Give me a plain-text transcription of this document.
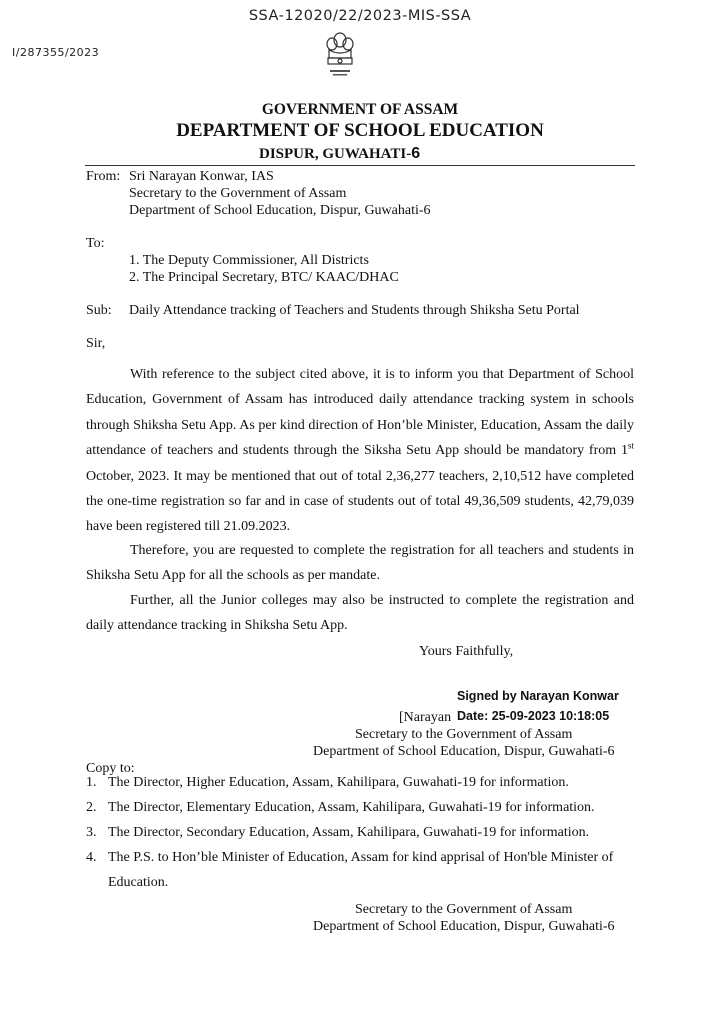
SSA-12020/22/2023-MIS-SSA
I/287355/2023
GOVERNMENT OF ASSAM
DEPARTMENT OF SCHOOL EDUCATION
DISPUR, GUWAHATI-6
From: Sri Narayan Konwar, IAS
Secretary to the Government of Assam
Department of School Education, Dispur, Guwahati-6
To:
1. The Deputy Commissioner, All Districts
2. The Principal Secretary, BTC/ KAAC/DHAC
Sub: Daily Attendance tracking of Teachers and Students through Shiksha Setu Portal
Sir,
With reference to the subject cited above, it is to inform you that Department of School Education, Government of Assam has introduced daily attendance tracking system in schools through Shiksha Setu App. As per kind direction of Hon’ble Minister, Education, Assam the daily attendance of teachers and students through the Siksha Setu App should be mandatory from 1st October, 2023. It may be mentioned that out of total 2,36,277 teachers, 2,10,512 have completed the one-time registration so far and in case of students out of total 49,36,509 students, 42,79,039 have been registered till 21.09.2023.
Therefore, you are requested to complete the registration for all teachers and students in Shiksha Setu App for all the schools as per mandate.
Further, all the Junior colleges may also be instructed to complete the registration and daily attendance tracking in Shiksha Setu App.
Yours Faithfully,
Signed by Narayan Konwar
[Narayan Date: 25-09-2023 10:18:05
Secretary to the Government of Assam
Department of School Education, Dispur, Guwahati-6
Copy to:
1. The Director, Higher Education, Assam, Kahilipara, Guwahati-19 for information.
2. The Director, Elementary Education, Assam, Kahilipara, Guwahati-19 for information.
3. The Director, Secondary Education, Assam, Kahilipara, Guwahati-19 for information.
4. The P.S. to Hon’ble Minister of Education, Assam for kind apprisal of Hon'ble Minister of Education.
Secretary to the Government of Assam
Department of School Education, Dispur, Guwahati-6
